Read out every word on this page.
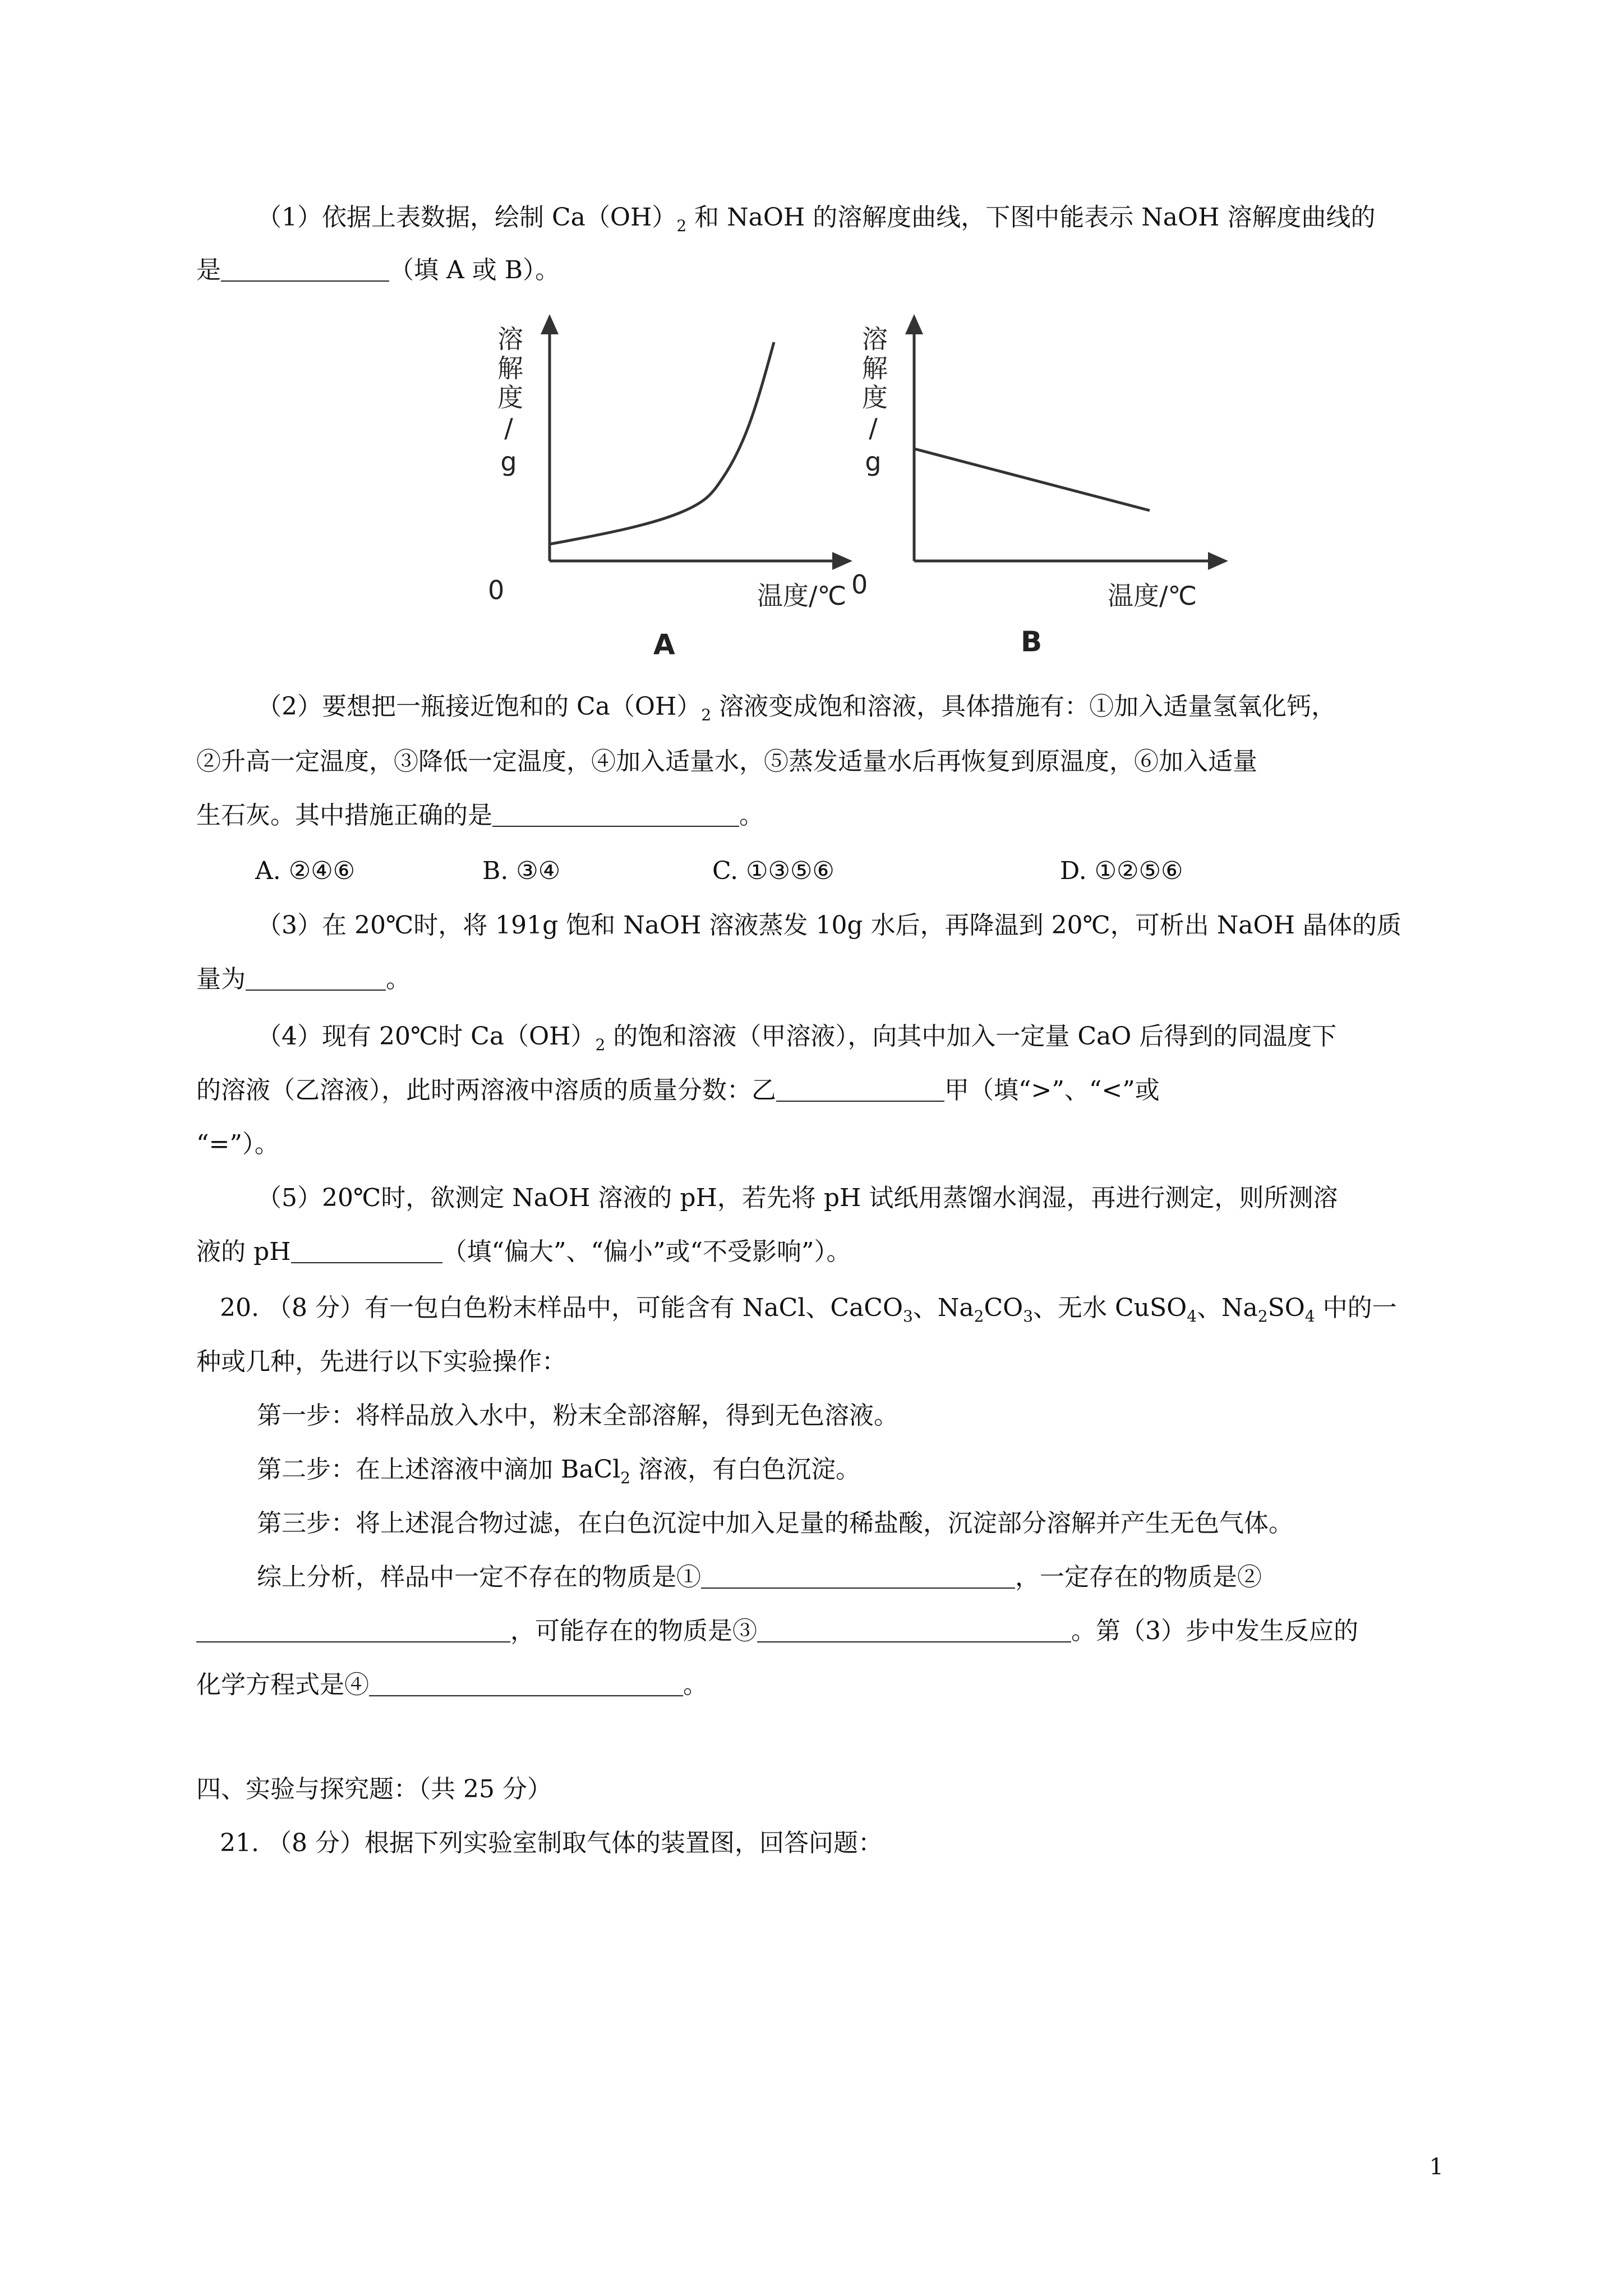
（1）依据上表数据，绘制 $Ca(OH)_2$ 和 NaOH 的溶解度曲线，下图中能表示 NaOH 溶解度曲线的
是	（填 A 或 B）。
溶解度/g
0	温度/℃
A
溶解度/g
0	温度/℃
B
（2）要想把一瓶接近饱和的 $Ca(OH)_2$ 溶液变成饱和溶液，具体措施有：①加入适量氢氧化钙，
②升高一定温度，③降低一定温度，④加入适量水，⑤蒸发适量水后再恢复到原温度，⑥加入适量
生石灰。其中措施正确的是	。
A. ②④⑥	B. ③④	C. ①③⑤⑥	D. ①②⑤⑥
（3）在 20℃时，将 191g 饱和 NaOH 溶液蒸发 10g 水后，再降温到 20℃，可析出 NaOH 晶体的质
量为	。
（4）现有 20℃时 $Ca(OH)_2$ 的饱和溶液（甲溶液），向其中加入一定量 CaO 后得到的同温度下
的溶液（乙溶液），此时两溶液中溶质的质量分数：乙	甲（填“>”、“<”或
“=”）。
（5）20℃时，欲测定 NaOH 溶液的 pH，若先将 pH 试纸用蒸馏水润湿，再进行测定，则所测溶
液的 pH	（填“偏大”、“偏小”或“不受影响”）。
20. （8 分）有一包白色粉末样品中，可能含有 NaCl、CaCO$_3$、$Na_2CO_3$、无水 CuSO$_4$、$Na_2SO_4$ 中的一
种或几种，先进行以下实验操作：
第一步：将样品放入水中，粉末全部溶解，得到无色溶液。
第二步：在上述溶液中滴加 BaCl$_2$ 溶液，有白色沉淀。
第三步：将上述混合物过滤，在白色沉淀中加入足量的稀盐酸，沉淀部分溶解并产生无色气体。
综上分析，样品中一定不存在的物质是①	，一定存在的物质是②
，可能存在的物质是③	。第（3）步中发生反应的
化学方程式是④	。
四、实验与探究题：（共 25 分）
21. （8 分）根据下列实验室制取气体的装置图，回答问题：
1
